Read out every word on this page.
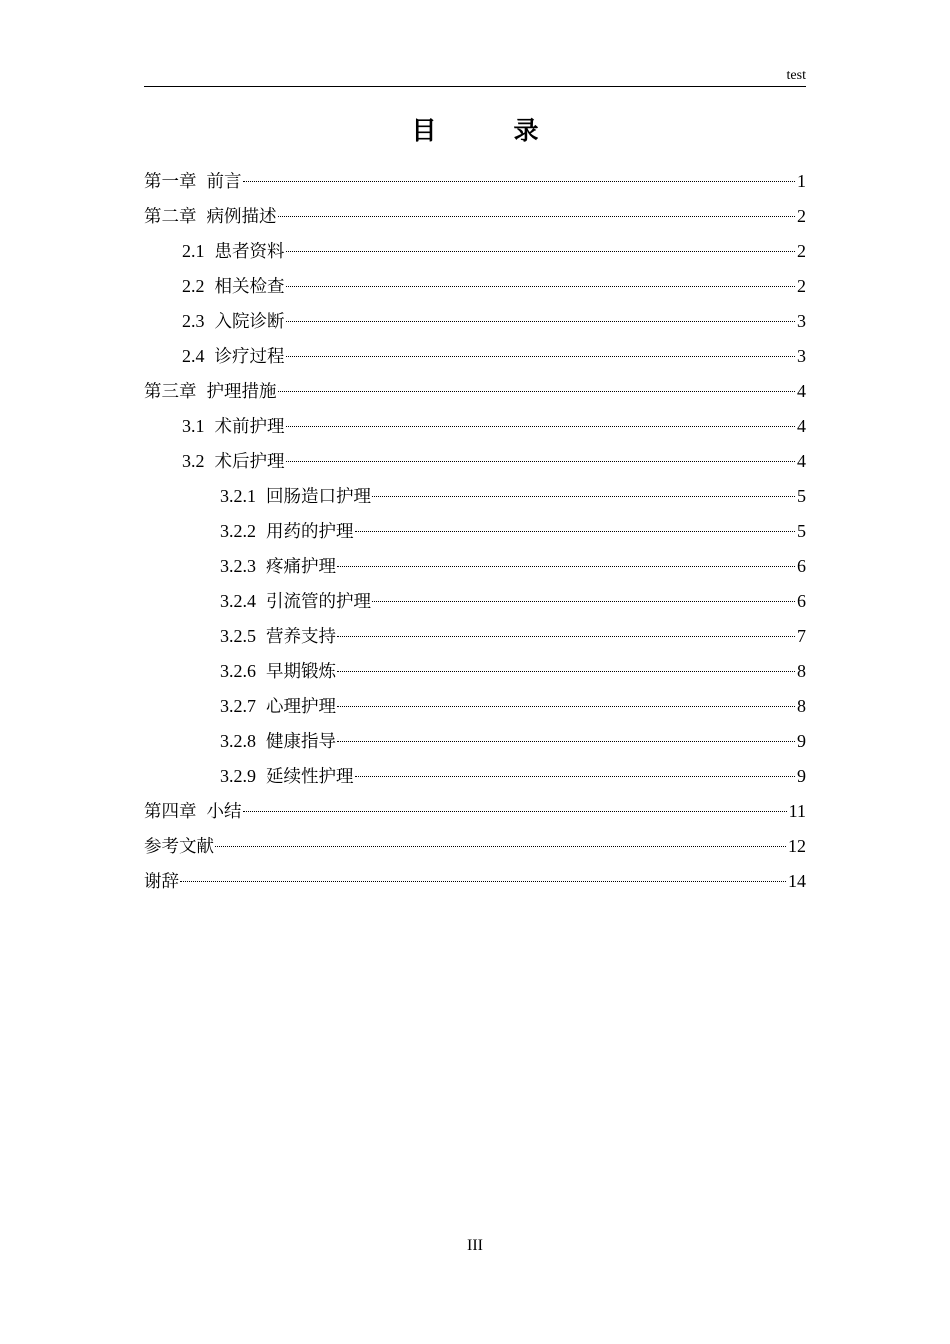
test
目　录
第一章 前言	1
第二章 病例描述	2
2.1 患者资料	2
2.2 相关检查	2
2.3 入院诊断	3
2.4 诊疗过程	3
第三章 护理措施	4
3.1 术前护理	4
3.2 术后护理	4
3.2.1 回肠造口护理	5
3.2.2 用药的护理	5
3.2.3 疼痛护理	6
3.2.4 引流管的护理	6
3.2.5 营养支持	7
3.2.6 早期锻炼	8
3.2.7 心理护理	8
3.2.8 健康指导	9
3.2.9 延续性护理	9
第四章 小结	11
参考文献	12
谢辞	14
III
